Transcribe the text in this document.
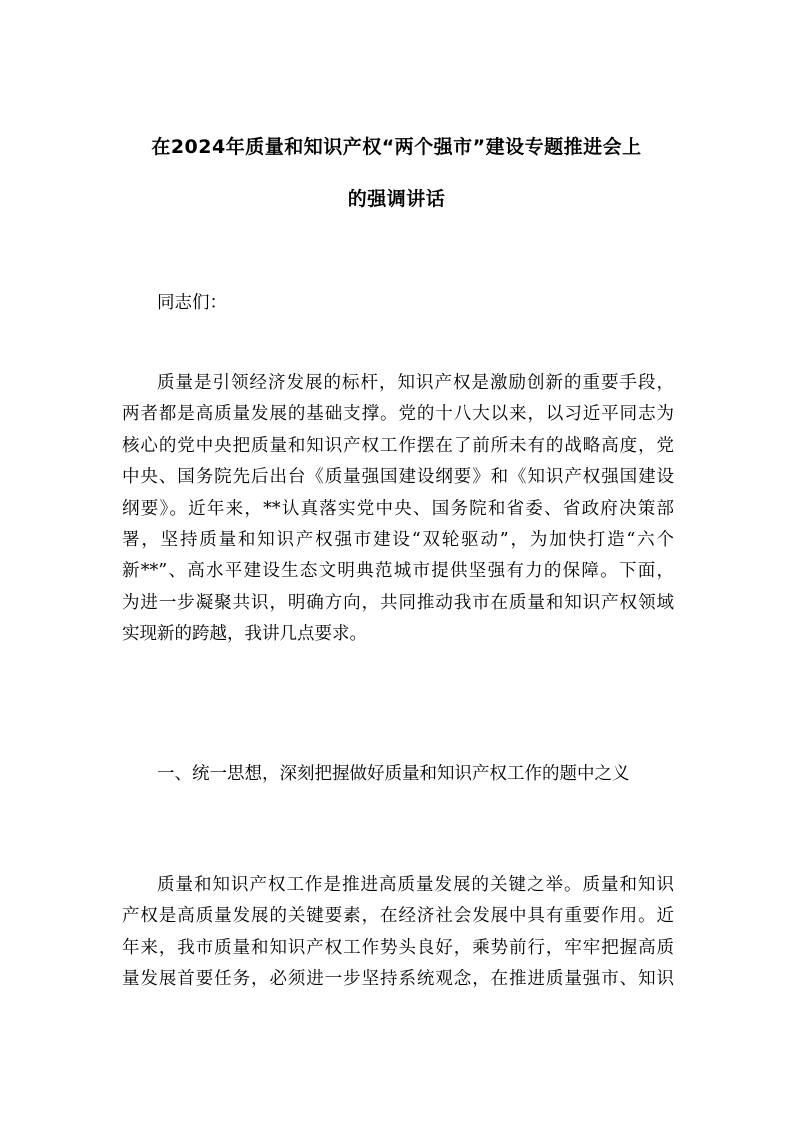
在2024年质量和知识产权“两个强市”建设专题推进会上
的强调讲话
同志们：
质量是引领经济发展的标杆，知识产权是激励创新的重要手段，
两者都是高质量发展的基础支撑。党的十八大以来，以习近平同志为
核心的党中央把质量和知识产权工作摆在了前所未有的战略高度，党
中央、国务院先后出台《质量强国建设纲要》和《知识产权强国建设
纲要》。近年来，**认真落实党中央、国务院和省委、省政府决策部
署，坚持质量和知识产权强市建设“双轮驱动”，为加快打造“六个
新**”、高水平建设生态文明典范城市提供坚强有力的保障。下面，
为进一步凝聚共识，明确方向，共同推动我市在质量和知识产权领域
实现新的跨越，我讲几点要求。
一、统一思想，深刻把握做好质量和知识产权工作的题中之义
质量和知识产权工作是推进高质量发展的关键之举。质量和知识
产权是高质量发展的关键要素，在经济社会发展中具有重要作用。近
年来，我市质量和知识产权工作势头良好，乘势前行，牢牢把握高质
量发展首要任务，必须进一步坚持系统观念，在推进质量强市、知识
